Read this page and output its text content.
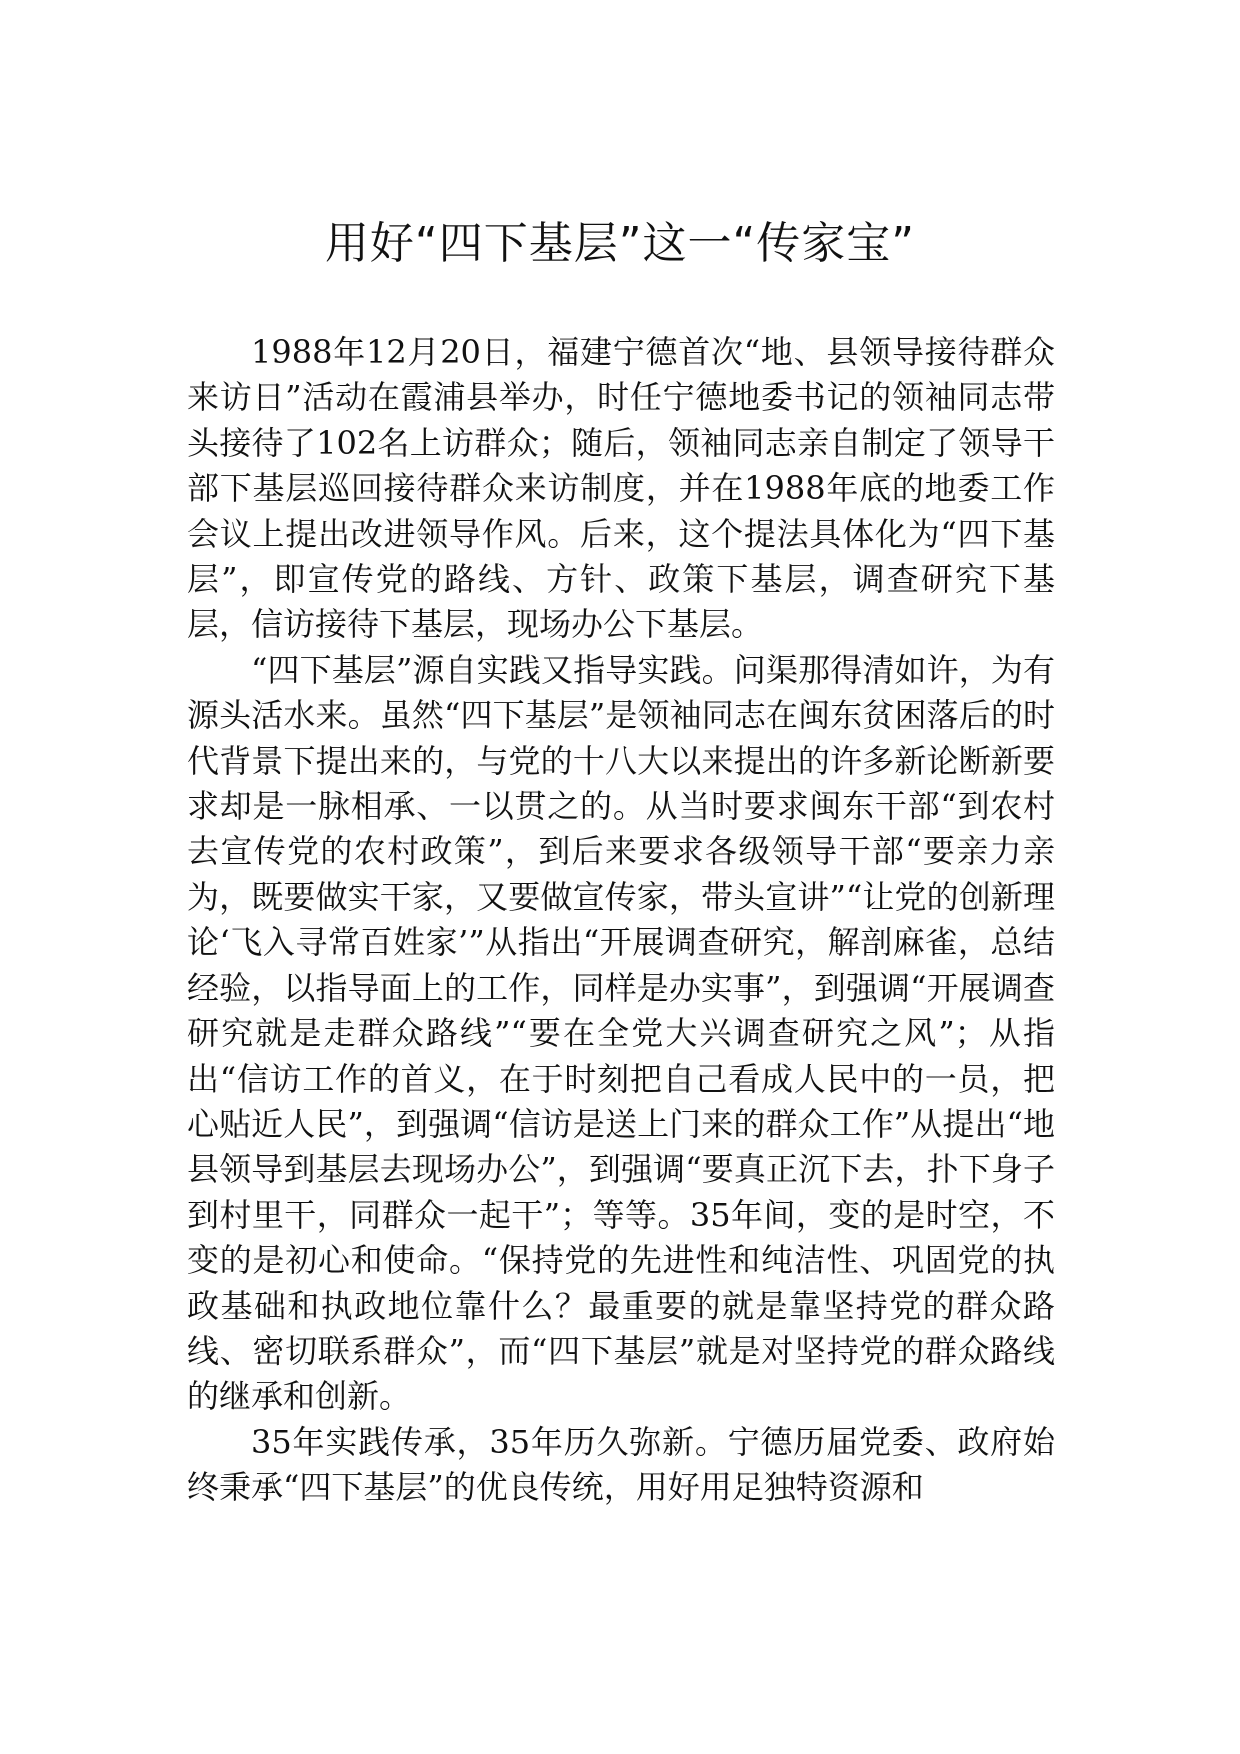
用好“四下基层”这一“传家宝”

1988年12月20日，福建宁德首次“地、县领导接待群众来访日”活动在霞浦县举办，时任宁德地委书记的领袖同志带头接待了102名上访群众；随后，领袖同志亲自制定了领导干部下基层巡回接待群众来访制度，并在1988年底的地委工作会议上提出改进领导作风。后来，这个提法具体化为“四下基层”，即宣传党的路线、方针、政策下基层，调查研究下基层，信访接待下基层，现场办公下基层。

“四下基层”源自实践又指导实践。问渠那得清如许，为有源头活水来。虽然“四下基层”是领袖同志在闽东贫困落后的时代背景下提出来的，与党的十八大以来提出的许多新论断新要求却是一脉相承、一以贯之的。从当时要求闽东干部“到农村去宣传党的农村政策”，到后来要求各级领导干部“要亲力亲为，既要做实干家，又要做宣传家，带头宣讲”“让党的创新理论‘飞入寻常百姓家’”从指出“开展调查研究，解剖麻雀，总结经验，以指导面上的工作，同样是办实事”，到强调“开展调查研究就是走群众路线”“要在全党大兴调查研究之风”；从指出“信访工作的首义，在于时刻把自己看成人民中的一员，把心贴近人民”，到强调“信访是送上门来的群众工作”从提出“地县领导到基层去现场办公”，到强调“要真正沉下去，扑下身子到村里干，同群众一起干”；等等。35年间，变的是时空，不变的是初心和使命。“保持党的先进性和纯洁性、巩固党的执政基础和执政地位靠什么？最重要的就是靠坚持党的群众路线、密切联系群众”，而“四下基层”就是对坚持党的群众路线的继承和创新。

35年实践传承，35年历久弥新。宁德历届党委、政府始终秉承“四下基层”的优良传统，用好用足独特资源和
